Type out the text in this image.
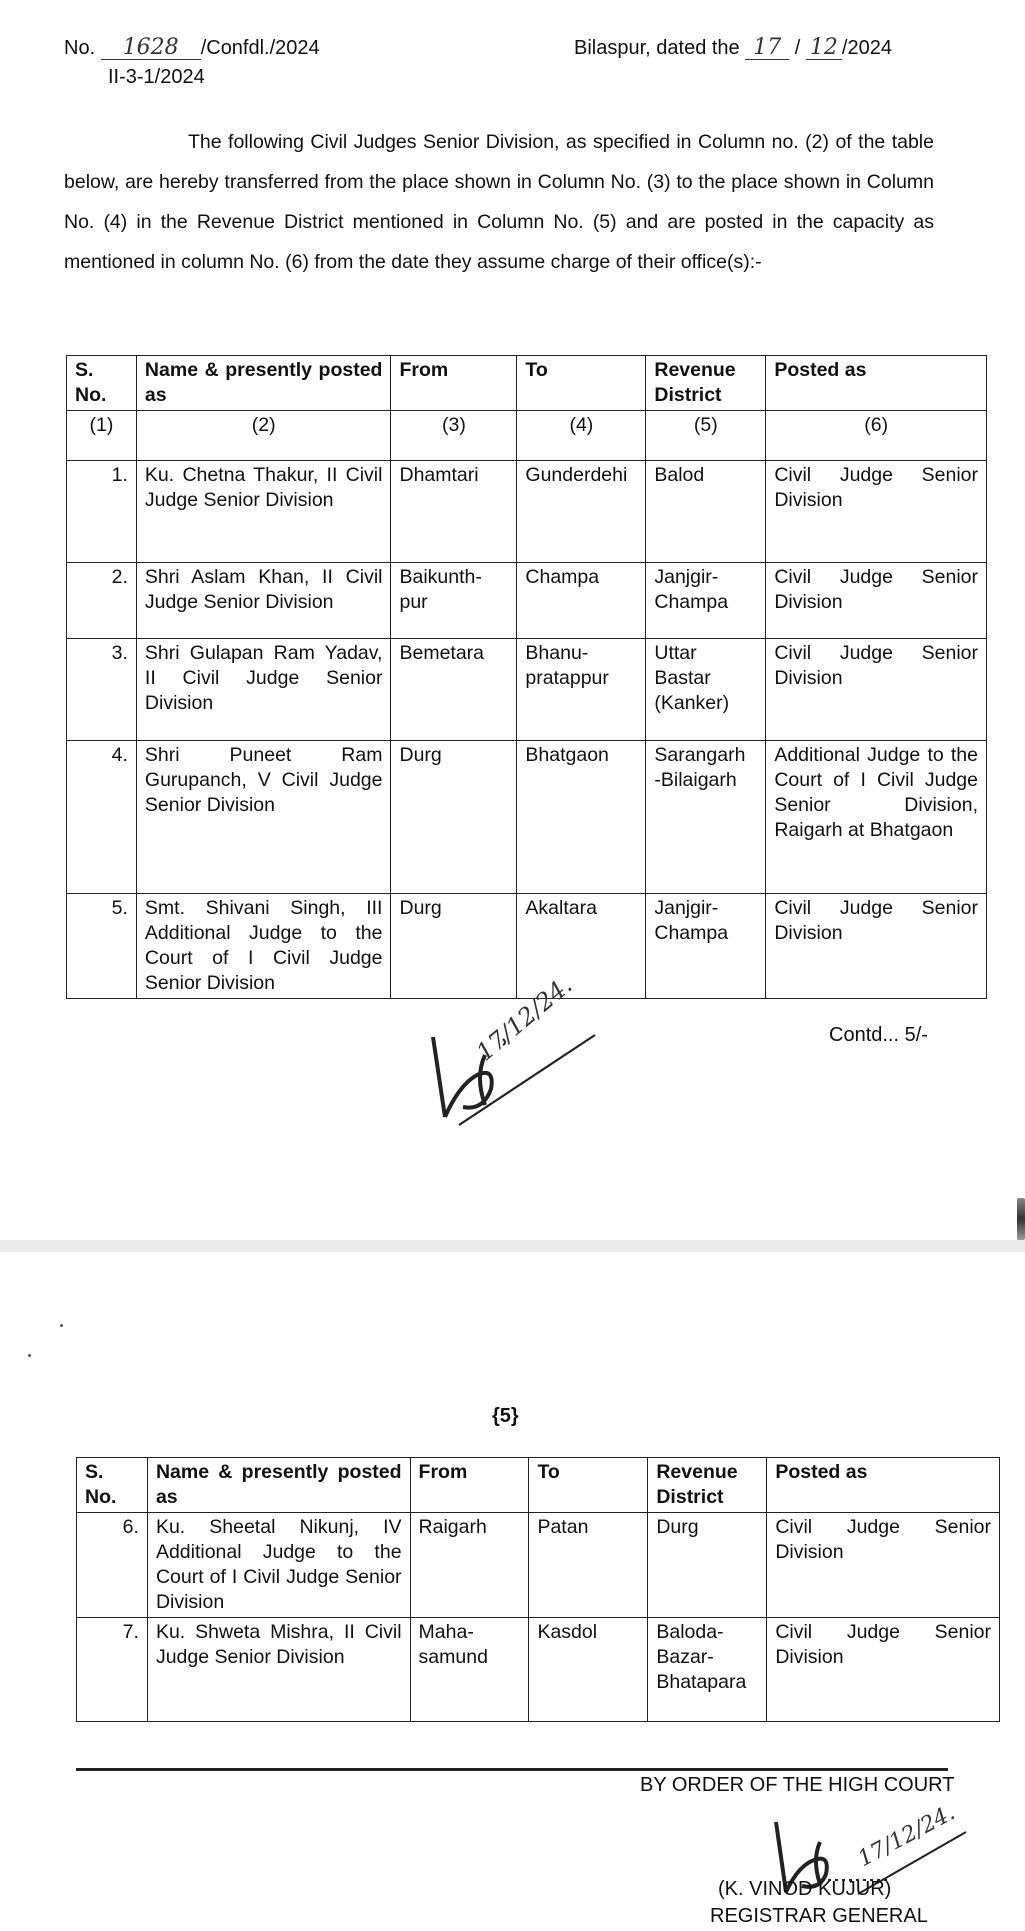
No. 1628 /Confdl./2024
II-3-1/2024
Bilaspur, dated the 17 / 12 /2024
The following Civil Judges Senior Division, as specified in Column no. (2) of the table below, are hereby transferred from the place shown in Column No. (3) to the place shown in Column No. (4) in the Revenue District mentioned in Column No. (5) and are posted in the capacity as mentioned in column No. (6) from the date they assume charge of their office(s):-
S. No.	Name & presently posted as	From	To	Revenue District	Posted as
(1)	(2)	(3)	(4)	(5)	(6)
1.	Ku. Chetna Thakur, II Civil Judge Senior Division	Dhamtari	Gunderdehi	Balod	Civil Judge Senior Division
2.	Shri Aslam Khan, II Civil Judge Senior Division	Baikunth-pur	Champa	Janjgir-Champa	Civil Judge Senior Division
3.	Shri Gulapan Ram Yadav, II Civil Judge Senior Division	Bemetara	Bhanu-pratappur	Uttar Bastar (Kanker)	Civil Judge Senior Division
4.	Shri Puneet Ram Gurupanch, V Civil Judge Senior Division	Durg	Bhatgaon	Sarangarh -Bilaigarh	Additional Judge to the Court of I Civil Judge Senior Division, Raigarh at Bhatgaon
5.	Smt. Shivani Singh, III Additional Judge to the Court of I Civil Judge Senior Division	Durg	Akaltara	Janjgir-Champa	Civil Judge Senior Division
Contd... 5/-
17/12/24.
{5}
S. No.	Name & presently posted as	From	To	Revenue District	Posted as
6.	Ku. Sheetal Nikunj, IV Additional Judge to the Court of I Civil Judge Senior Division	Raigarh	Patan	Durg	Civil Judge Senior Division
7.	Ku. Shweta Mishra, II Civil Judge Senior Division	Maha-samund	Kasdol	Baloda-Bazar-Bhatapara	Civil Judge Senior Division
BY ORDER OF THE HIGH COURT
17/12/24.
(K. VINOD KUJUR)
REGISTRAR GENERAL
